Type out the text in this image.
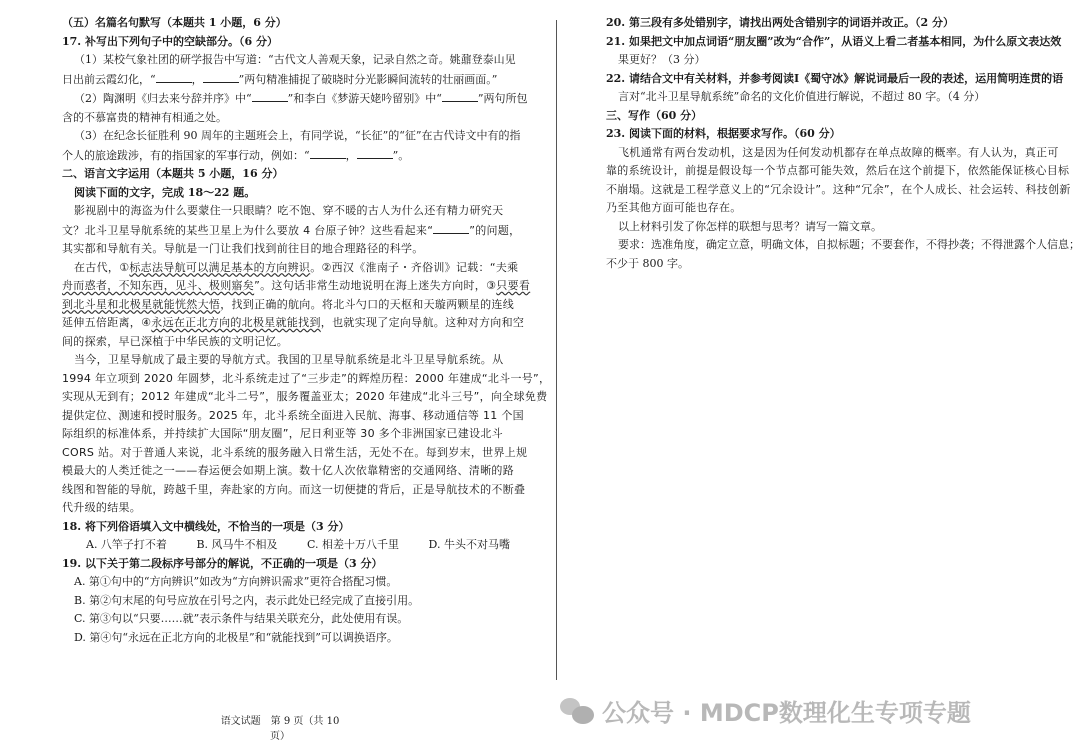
（五）名篇名句默写（本题共 1 小题，6 分）
17. 补写出下列句子中的空缺部分。（6 分）
（1）某校气象社团的研学报告中写道：“古代文人善观天象，记录自然之奇。姚鼐登泰山见
日出前云霞幻化，“	，	”两句精准捕捉了破晓时分光影瞬间流转的壮丽画面。”
（2）陶渊明《归去来兮辞并序》中“	”和李白《梦游天姥吟留别》中“	”两句所包
含的不慕富贵的精神有相通之处。
（3）在纪念长征胜利 90 周年的主题班会上，有同学说，“长征”的“征”在古代诗文中有的指
个人的旅途跋涉，有的指国家的军事行动，例如：“	，	”。
二、语言文字运用（本题共 5 小题，16 分）
阅读下面的文字，完成 18～22 题。
影视剧中的海盗为什么要蒙住一只眼睛？吃不饱、穿不暖的古人为什么还有精力研究天
文？北斗卫星导航系统的某些卫星上为什么要放 4 台原子钟？这些看起来“	”的问题，
其实都和导航有关。导航是一门让我们找到前往目的地合理路径的科学。
在古代，①标志法导航可以满足基本的方向辨识。②西汉《淮南子・齐俗训》记载：“夫乘
舟而惑者，不知东西，见斗、极则寤矣”。这句话非常生动地说明在海上迷失方向时，③只要看
到北斗星和北极星就能恍然大悟，找到正确的航向。将北斗勺口的天枢和天璇两颗星的连线
延伸五倍距离，④永远在正北方向的北极星就能找到，也就实现了定向导航。这种对方向和空
间的探索，早已深植于中华民族的文明记忆。
当今，卫星导航成了最主要的导航方式。我国的卫星导航系统是北斗卫星导航系统。从
1994 年立项到 2020 年圆梦，北斗系统走过了“三步走”的辉煌历程：2000 年建成“北斗一号”，
实现从无到有；2012 年建成“北斗二号”，服务覆盖亚太；2020 年建成“北斗三号”，向全球免费
提供定位、测速和授时服务。2025 年，北斗系统全面进入民航、海事、移动通信等 11 个国
际组织的标准体系，并持续扩大国际“朋友圈”，尼日利亚等 30 多个非洲国家已建设北斗
CORS 站。对于普通人来说，北斗系统的服务融入日常生活，无处不在。每到岁末，世界上规
模最大的人类迁徙之一——春运便会如期上演。数十亿人次依靠精密的交通网络、清晰的路
线图和智能的导航，跨越千里，奔赴家的方向。而这一切便捷的背后，正是导航技术的不断叠
代升级的结果。
18. 将下列俗语填入文中横线处，不恰当的一项是（3 分）
A. 八竿子打不着	B. 风马牛不相及	C. 相差十万八千里	D. 牛头不对马嘴
19. 以下关于第二段标序号部分的解说，不正确的一项是（3 分）
A. 第①句中的“方向辨识”如改为“方向辨识需求”更符合搭配习惯。
B. 第②句末尾的句号应放在引号之内，表示此处已经完成了直接引用。
C. 第③句以“只要……就”表示条件与结果关联充分，此处使用有误。
D. 第④句“永远在正北方向的北极星”和“就能找到”可以调换语序。
语文试题　第 9 页（共 10 页）
20. 第三段有多处错别字，请找出两处含错别字的词语并改正。（2 分）
21. 如果把文中加点词语“朋友圈”改为“合作”，从语义上看二者基本相同，为什么原文表达效
果更好？（3 分）
22. 请结合文中有关材料，并参考阅读Ⅰ《蜀守冰》解说词最后一段的表述，运用简明连贯的语
言对“北斗卫星导航系统”命名的文化价值进行解说，不超过 80 字。（4 分）
三、写作（60 分）
23. 阅读下面的材料，根据要求写作。（60 分）
飞机通常有两台发动机，这是因为任何发动机都存在单点故障的概率。有人认为，真正可
靠的系统设计，前提是假设每一个节点都可能失效，然后在这个前提下，依然能保证核心目标
不崩塌。这就是工程学意义上的“冗余设计”。这种“冗余”，在个人成长、社会运转、科技创新
乃至其他方面可能也存在。
以上材料引发了你怎样的联想与思考？请写一篇文章。
要求：选准角度，确定立意，明确文体，自拟标题；不要套作，不得抄袭；不得泄露个人信息；
不少于 800 字。
公众号 · MDCP数理化生专项专题
